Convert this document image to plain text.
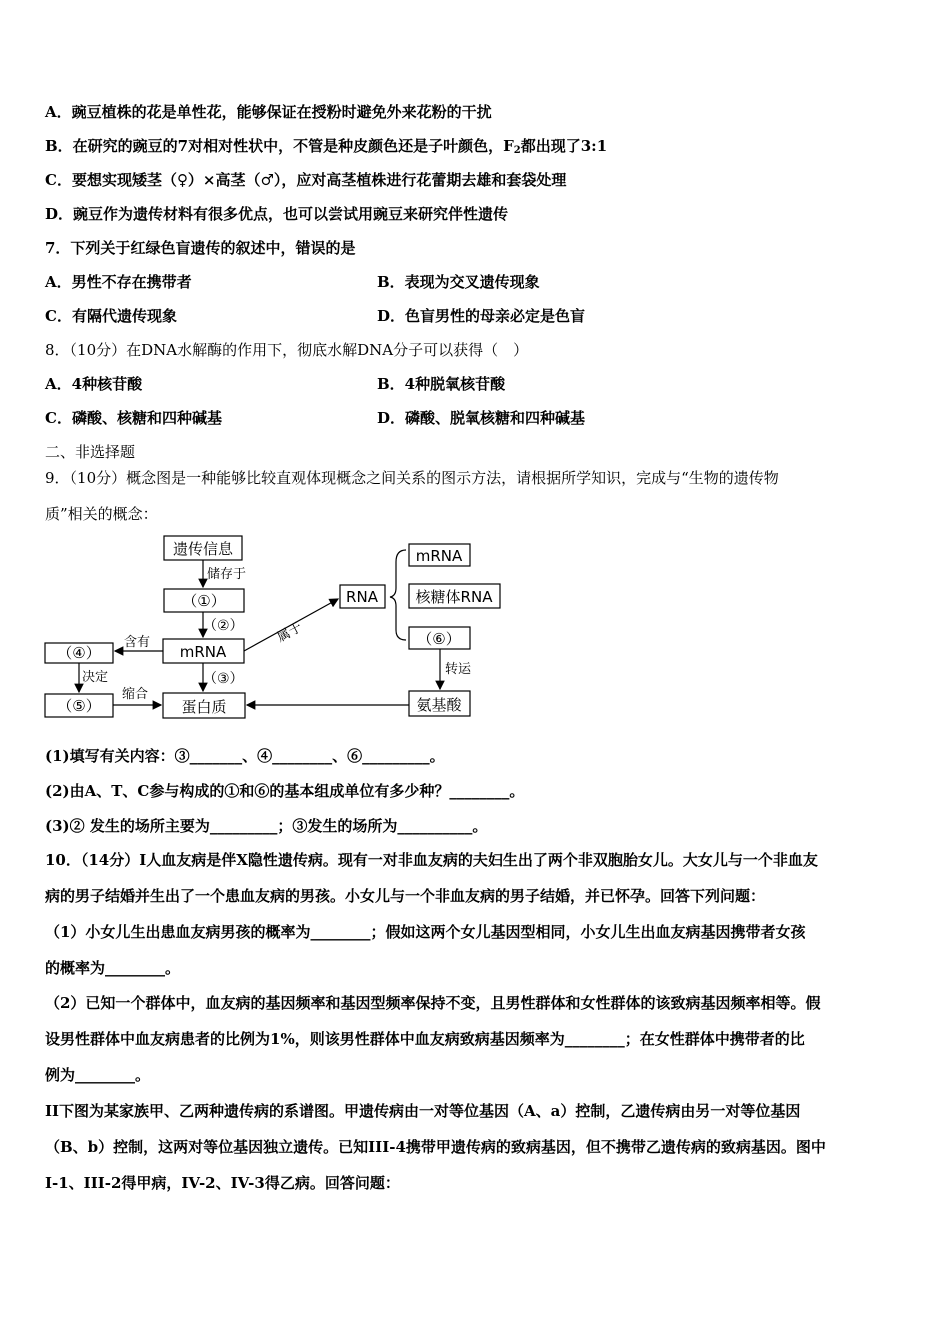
A．豌豆植株的花是单性花，能够保证在授粉时避免外来花粉的干扰
B．在研究的豌豆的7对相对性状中，不管是种皮颜色还是子叶颜色，$F_2$都出现了3:1
C．要想实现矮茎（♀）×高茎（♂），应对高茎植株进行花蕾期去雄和套袋处理
D．豌豆作为遗传材料有很多优点，也可以尝试用豌豆来研究伴性遗传
7．下列关于红绿色盲遗传的叙述中，错误的是
A．男性不存在携带者	B．表现为交叉遗传现象
C．有隔代遗传现象	D．色盲男性的母亲必定是色盲
8．（10分）在DNA水解酶的作用下，彻底水解DNA分子可以获得（　）
A．4种核苷酸	B．4种脱氧核苷酸
C．磷酸、核糖和四种碱基	D．磷酸、脱氧核糖和四种碱基
二、非选择题
9．（10分）概念图是一种能够比较直观体现概念之间关系的图示方法，请根据所学知识，完成与“生物的遗传物
质”相关的概念：
遗传信息
储存于
（①）
（②）
mRNA
（③）
蛋白质
含有
（④）
决定
（⑤）
缩合
属于
RNA
mRNA
核糖体RNA
（⑥）
转运
氨基酸
(1)填写有关内容：③_______、④________、⑥_________。
(2)由A、T、C参与构成的①和⑥的基本组成单位有多少种？________。
(3)② 发生的场所主要为_________；③发生的场所为__________。
10．（14分）I人血友病是伴X隐性遗传病。现有一对非血友病的夫妇生出了两个非双胞胎女儿。大女儿与一个非血友
病的男子结婚并生出了一个患血友病的男孩。小女儿与一个非血友病的男子结婚，并已怀孕。回答下列问题：
（1）小女儿生出患血友病男孩的概率为________；假如这两个女儿基因型相同，小女儿生出血友病基因携带者女孩
的概率为________。
（2）已知一个群体中，血友病的基因频率和基因型频率保持不变，且男性群体和女性群体的该致病基因频率相等。假
设男性群体中血友病患者的比例为1%，则该男性群体中血友病致病基因频率为________；在女性群体中携带者的比
例为________。
II下图为某家族甲、乙两种遗传病的系谱图。甲遗传病由一对等位基因（A、a）控制，乙遗传病由另一对等位基因
（B、b）控制，这两对等位基因独立遗传。已知III-4携带甲遗传病的致病基因，但不携带乙遗传病的致病基因。图中
I-1、III-2得甲病，IV-2、IV-3得乙病。回答问题：
